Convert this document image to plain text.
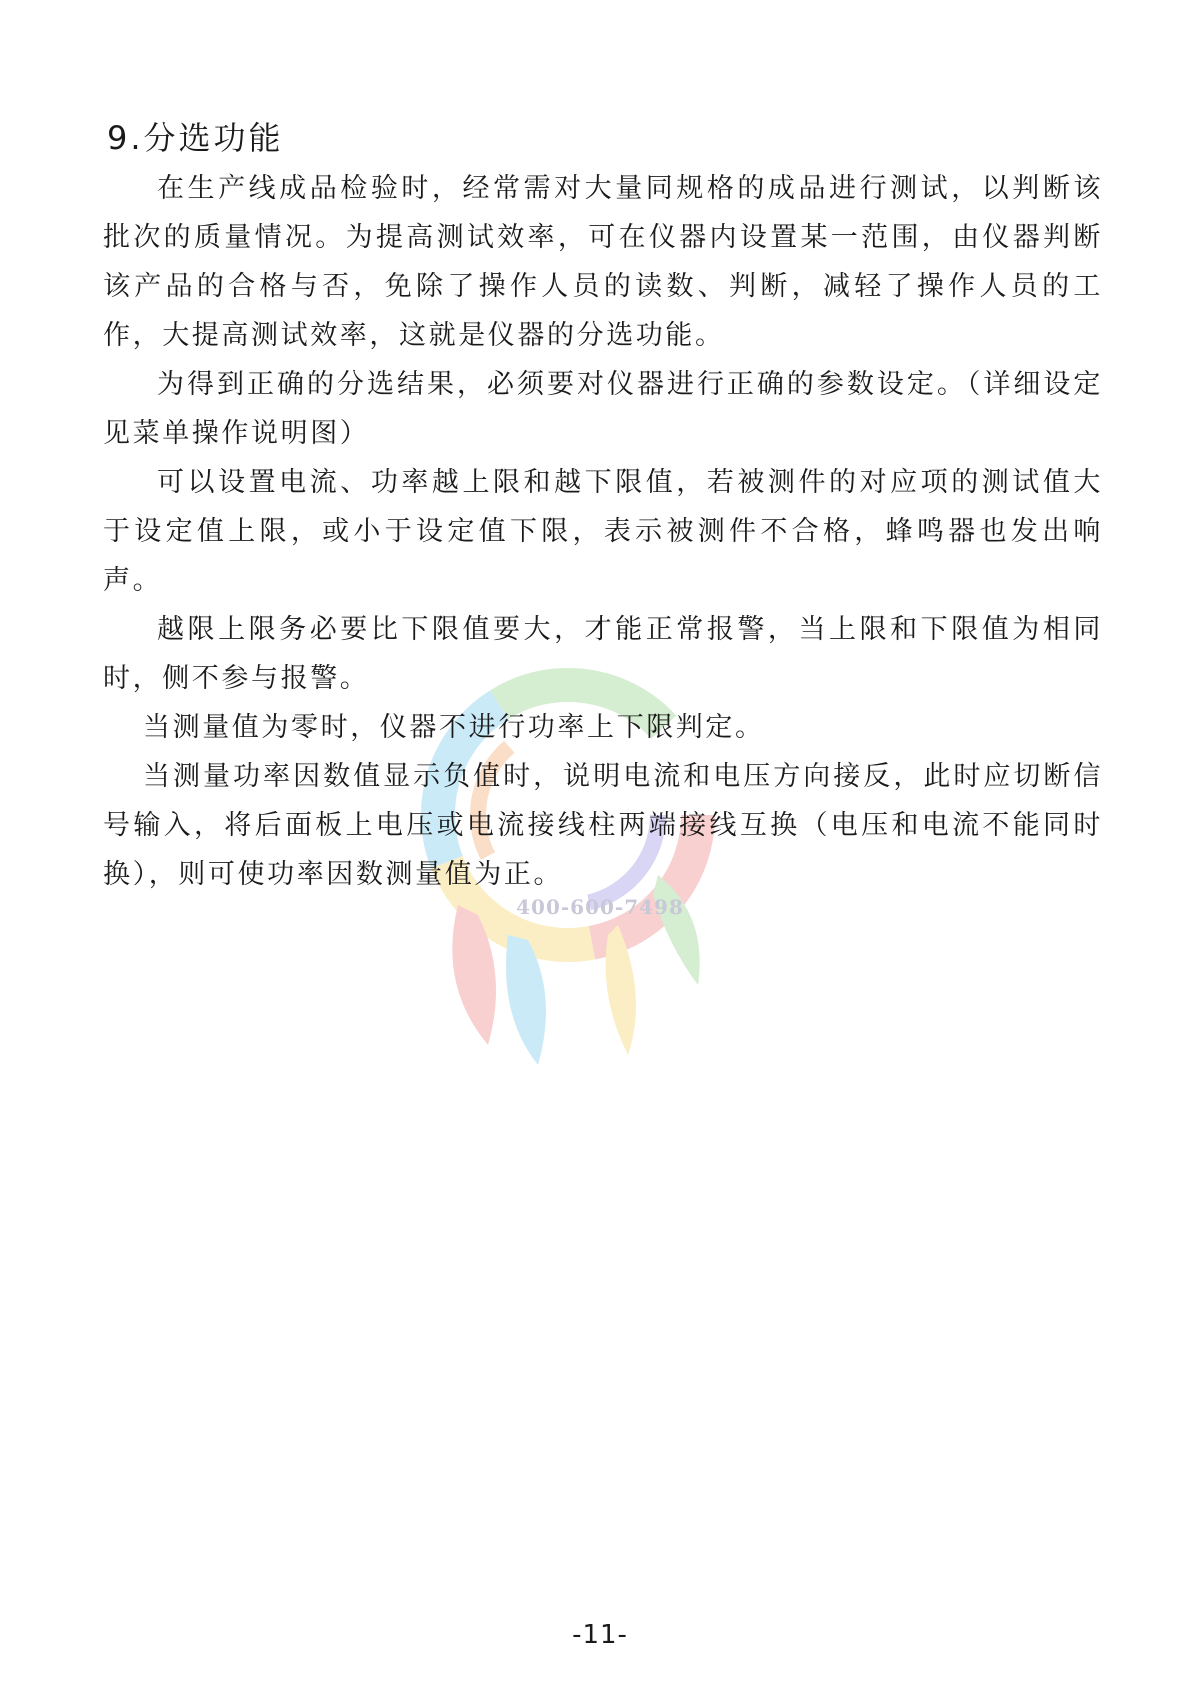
400-600-7498
9.分选功能

在生产线成品检验时，经常需对大量同规格的成品进行测试，以判断该批次的质量情况。为提高测试效率，可在仪器内设置某一范围，由仪器判断该产品的合格与否，免除了操作人员的读数、判断，减轻了操作人员的工作，大提高测试效率，这就是仪器的分选功能。

为得到正确的分选结果，必须要对仪器进行正确的参数设定。（详细设定见菜单操作说明图）

可以设置电流、功率越上限和越下限值，若被测件的对应项的测试值大于设定值上限，或小于设定值下限，表示被测件不合格，蜂鸣器也发出响声。

越限上限务必要比下限值要大，才能正常报警，当上限和下限值为相同时，侧不参与报警。

当测量值为零时，仪器不进行功率上下限判定。

当测量功率因数值显示负值时，说明电流和电压方向接反，此时应切断信号输入，将后面板上电压或电流接线柱两端接线互换（电压和电流不能同时换），则可使功率因数测量值为正。

-11-
